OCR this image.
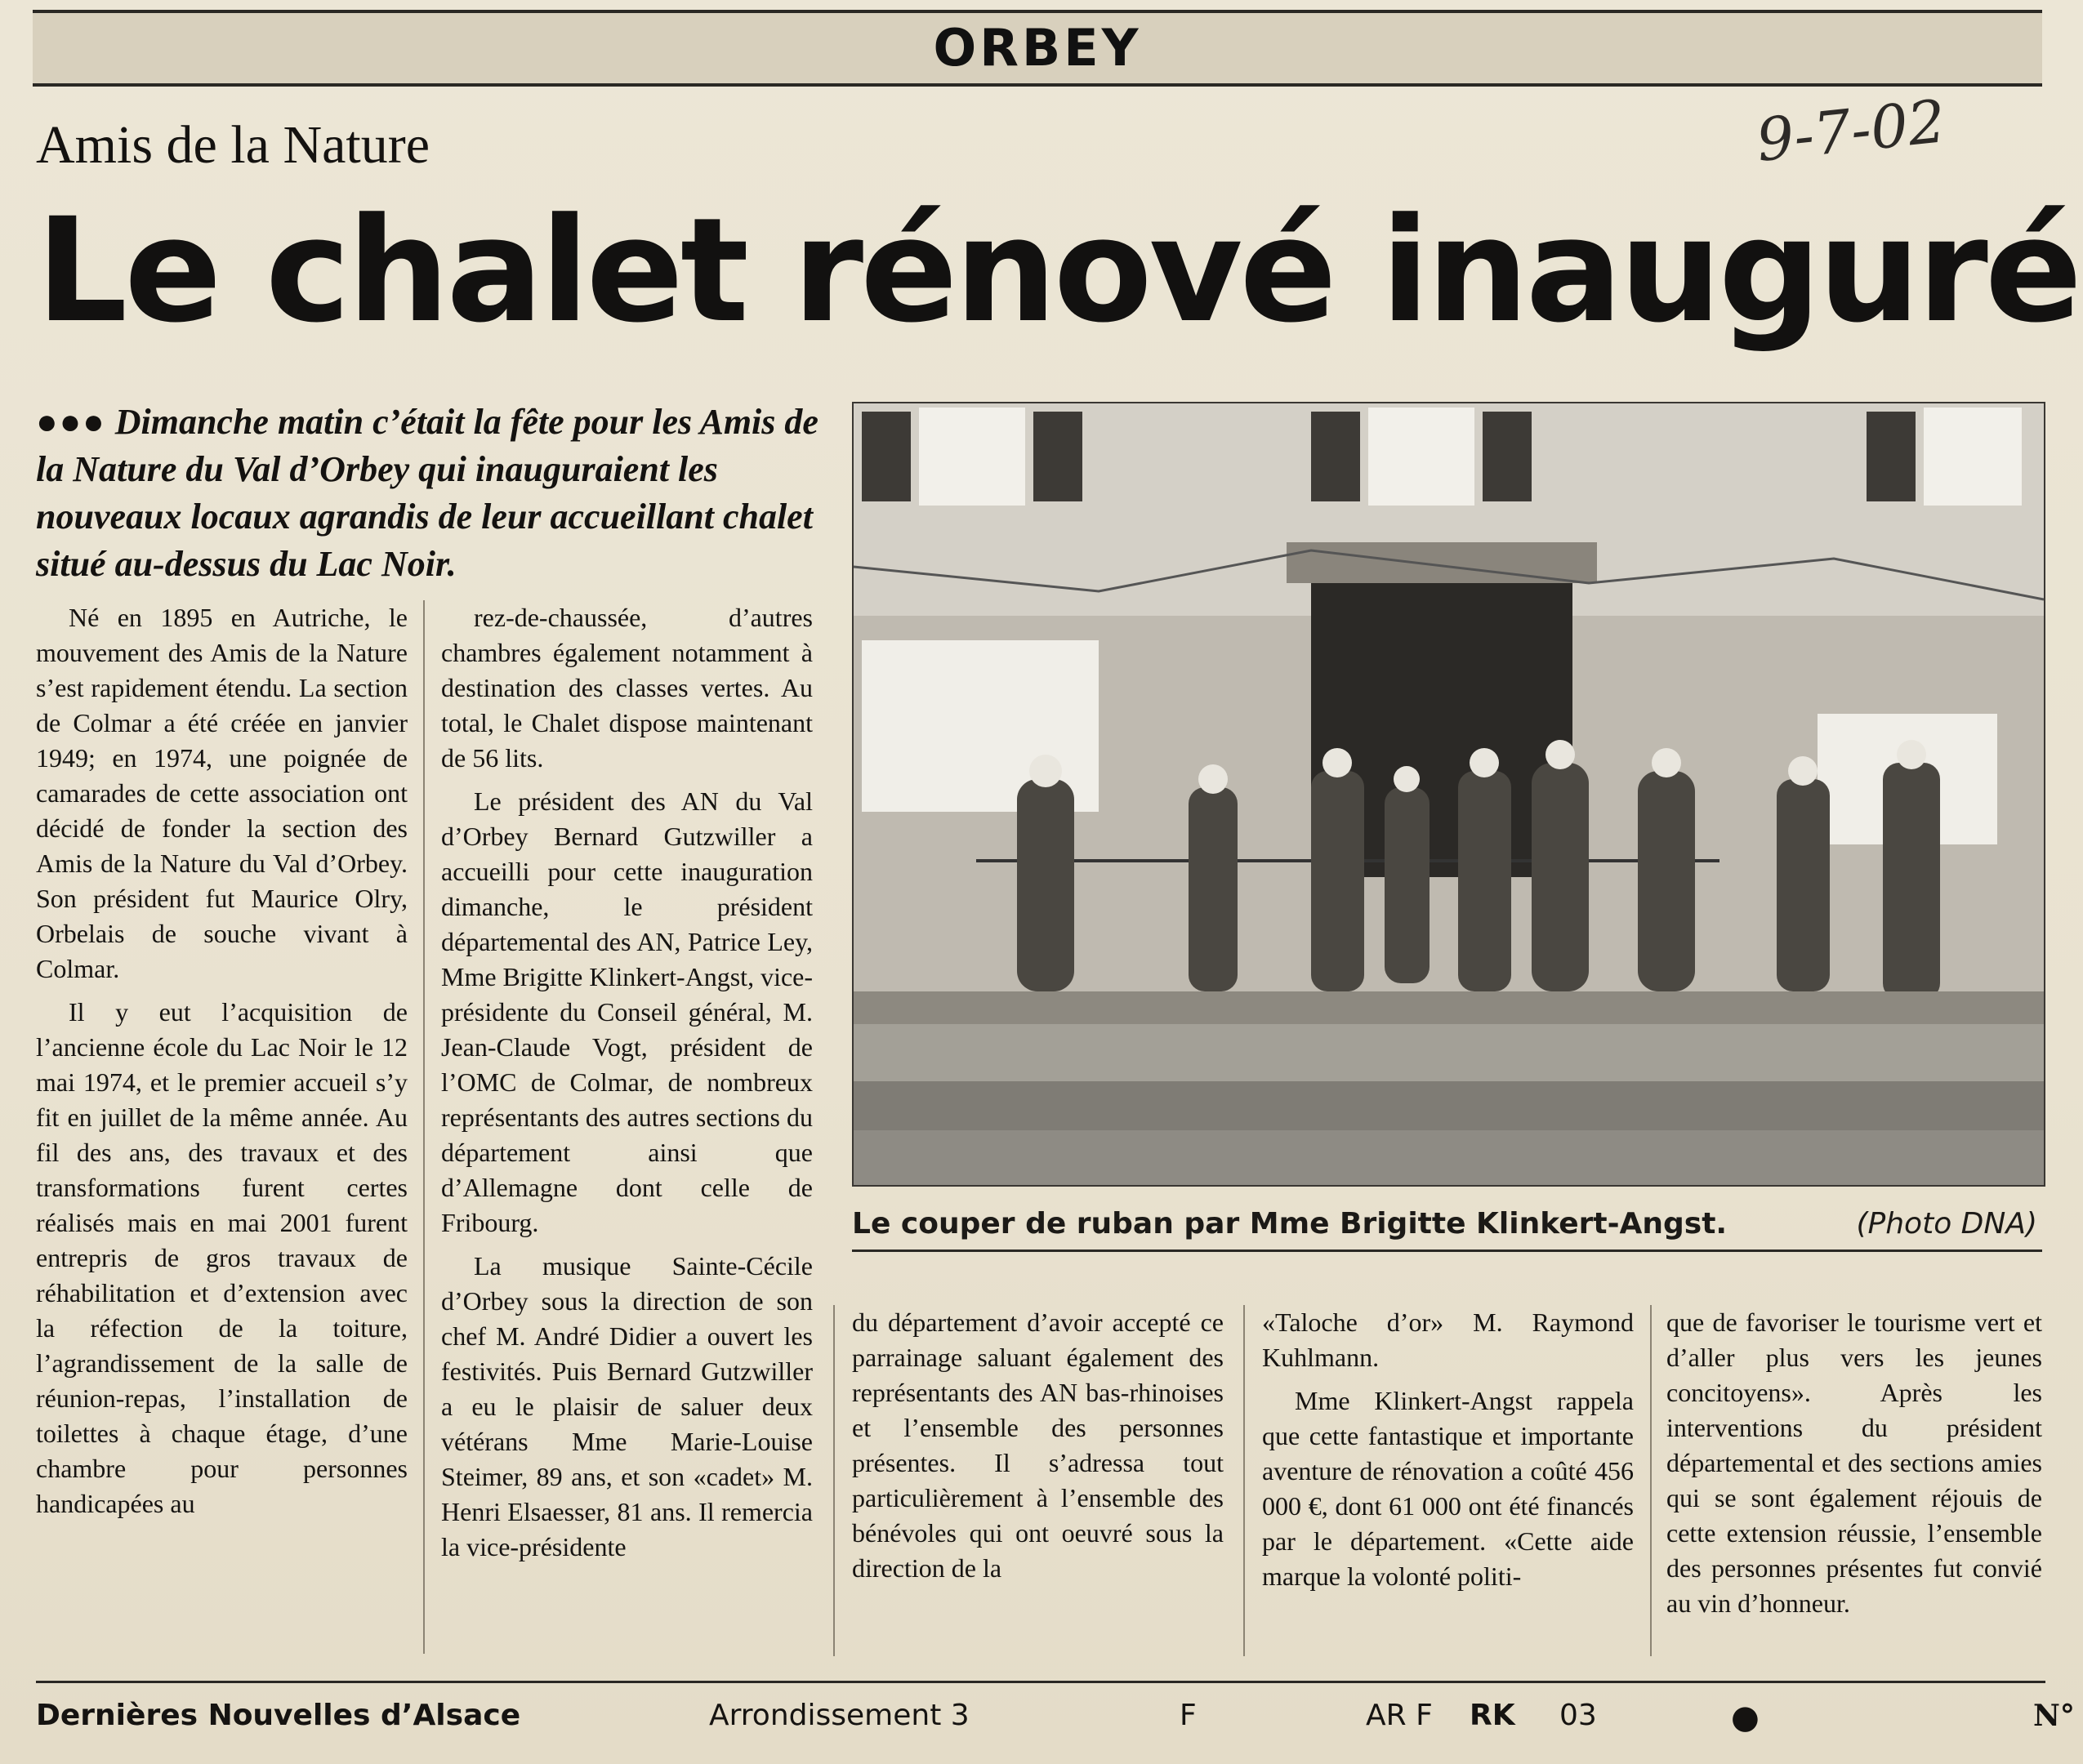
ORBEY
9-7-02
Amis de la Nature
Le chalet rénové inauguré
●●● Dimanche matin c’était la fête pour les Amis de la Nature du Val d’Orbey qui inauguraient les nouveaux locaux agrandis de leur accueillant chalet situé au-dessus du Lac Noir.

Né en 1895 en Autriche, le mouvement des Amis de la Nature s’est rapidement étendu. La section de Colmar a été créée en janvier 1949; en 1974, une poignée de camarades de cette association ont décidé de fonder la section des Amis de la Nature du Val d’Orbey. Son président fut Maurice Olry, Orbelais de souche vivant à Colmar.

Il y eut l’acquisition de l’ancienne école du Lac Noir le 12 mai 1974, et le premier accueil s’y fit en juillet de la même année. Au fil des ans, des travaux et des transformations furent certes réalisés mais en mai 2001 furent entrepris de gros travaux de réhabilitation et d’extension avec la réfection de la toiture, l’agrandissement de la salle de réunion-repas, l’installation de toilettes à chaque étage, d’une chambre pour personnes handicapées au

rez-de-chaussée, d’autres chambres également notamment à destination des classes vertes. Au total, le Chalet dispose maintenant de 56 lits.

Le président des AN du Val d’Orbey Bernard Gutzwiller a accueilli pour cette inauguration dimanche, le président départemental des AN, Patrice Ley, Mme Brigitte Klinkert-Angst, vice-présidente du Conseil général, M. Jean-Claude Vogt, président de l’OMC de Colmar, de nombreux représentants des autres sections du département ainsi que d’Allemagne dont celle de Fribourg.

La musique Sainte-Cécile d’Orbey sous la direction de son chef M. André Didier a ouvert les festivités. Puis Bernard Gutzwiller a eu le plaisir de saluer deux vétérans Mme Marie-Louise Steimer, 89 ans, et son «cadet» M. Henri Elsaesser, 81 ans. Il remercia la vice-présidente

Le couper de ruban par Mme Brigitte Klinkert-Angst.	(Photo DNA)

du département d’avoir accepté ce parrainage saluant également des représentants des AN bas-rhinoises et l’ensemble des personnes présentes. Il s’adressa tout particulièrement à l’ensemble des bénévoles qui ont oeuvré sous la direction de la

«Taloche d’or» M. Raymond Kuhlmann.

Mme Klinkert-Angst rappela que cette fantastique et importante aventure de rénovation a coûté 456 000 €, dont 61 000 ont été financés par le département. «Cette aide marque la volonté politi-

que de favoriser le tourisme vert et d’aller plus vers les jeunes concitoyens». Après les interventions du président départemental et des sections amies qui se sont également réjouis de cette extension réussie, l’ensemble des personnes présentes fut convié au vin d’honneur.

Dernières Nouvelles d’Alsace	Arrondissement 3	F	AR F RK 03	●	N°
